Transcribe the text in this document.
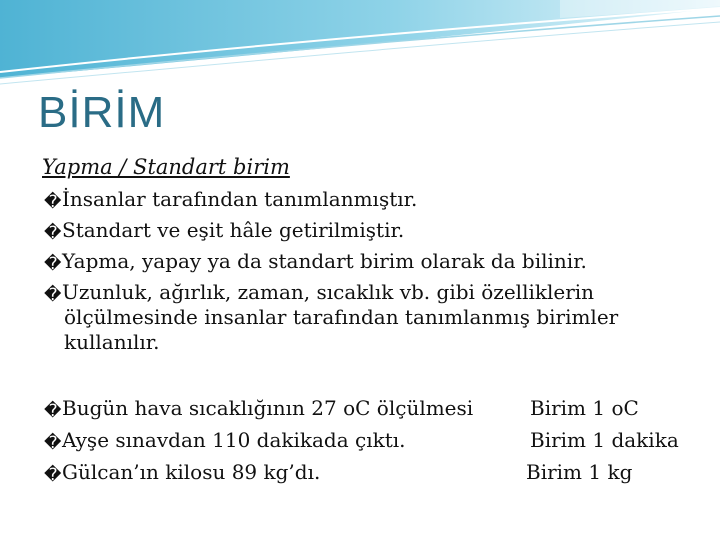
BİRİM
Yapma / Standart birim
�İnsanlar tarafından tanımlanmıştır.
�Standart ve eşit hâle getirilmiştir.
�Yapma, yapay ya da standart birim olarak da bilinir.
�Uzunluk, ağırlık, zaman, sıcaklık vb. gibi özelliklerin ölçülmesinde insanlar tarafından tanımlanmış birimler kullanılır.
�Bugün hava sıcaklığının 27 oC ölçülmesi	Birim 1 oC
�Ayşe sınavdan 110 dakikada çıktı.	Birim 1 dakika
�Gülcan’ın kilosu 89 kg’dı.	Birim 1 kg
